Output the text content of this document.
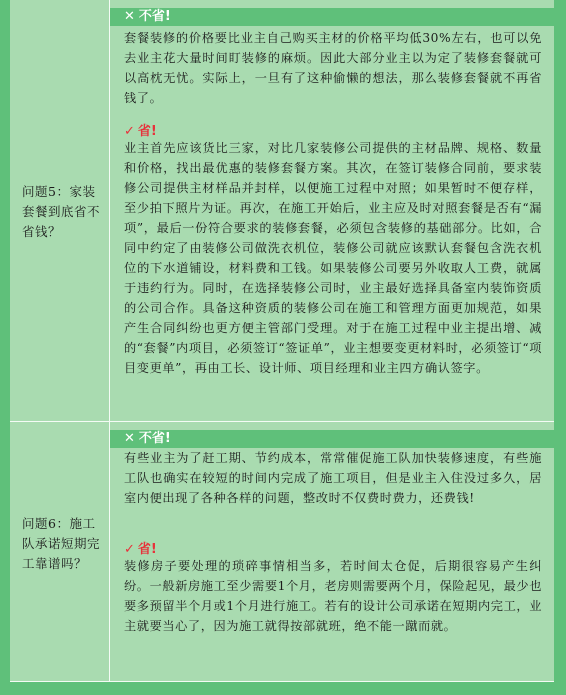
问题5：家装套餐到底省不省钱？
✕ 不省!
套餐装修的价格要比业主自己购买主材的价格平均低30%左右，也可以免去业主花大量时间盯装修的麻烦。因此大部分业主以为定了装修套餐就可以高枕无忧。实际上，一旦有了这种偷懒的想法，那么装修套餐就不再省钱了。
✓ 省!
业主首先应该货比三家，对比几家装修公司提供的主材品牌、规格、数量和价格，找出最优惠的装修套餐方案。其次，在签订装修合同前，要求装修公司提供主材样品并封样，以便施工过程中对照；如果暂时不便存样，至少拍下照片为证。再次，在施工开始后，业主应及时对照套餐是否有“漏项”，最后一份符合要求的装修套餐，必须包含装修的基础部分。比如，合同中约定了由装修公司做洗衣机位，装修公司就应该默认套餐包含洗衣机位的下水道铺设，材料费和工钱。如果装修公司要另外收取人工费，就属于违约行为。同时，在选择装修公司时，业主最好选择具备室内装饰资质的公司合作。具备这种资质的装修公司在施工和管理方面更加规范，如果产生合同纠纷也更方便主管部门受理。对于在施工过程中业主提出增、减的“套餐”内项目，必须签订“签证单”，业主想要变更材料时，必须签订“项目变更单”，再由工长、设计师、项目经理和业主四方确认签字。
问题6：施工队承诺短期完工靠谱吗？
✕ 不省!
有些业主为了赶工期、节约成本，常常催促施工队加快装修速度，有些施工队也确实在较短的时间内完成了施工项目，但是业主入住没过多久，居室内便出现了各种各样的问题，整改时不仅费时费力，还费钱!
✓ 省!
装修房子要处理的琐碎事情相当多，若时间太仓促，后期很容易产生纠纷。一般新房施工至少需要1个月，老房则需要两个月，保险起见，最少也要多预留半个月或1个月进行施工。若有的设计公司承诺在短期内完工，业主就要当心了，因为施工就得按部就班，绝不能一蹴而就。
